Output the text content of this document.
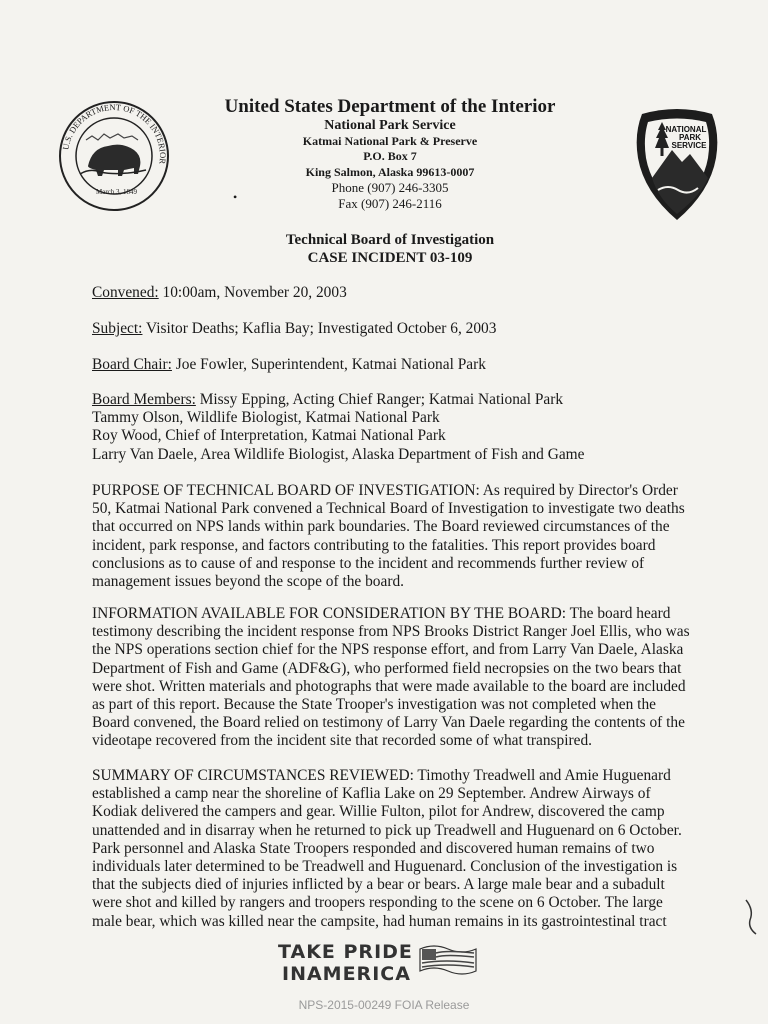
U.S. DEPARTMENT OF THE INTERIOR
March 3, 1849
United States Department of the Interior
National Park Service
Katmai National Park & Preserve
P.O. Box 7
King Salmon, Alaska 99613-0007
Phone (907) 246-3305
Fax (907) 246-2116
•
NATIONAL
PARK
SERVICE
Technical Board of Investigation
CASE INCIDENT 03-109
Convened: 10:00am, November 20, 2003
Subject: Visitor Deaths; Kaflia Bay; Investigated October 6, 2003
Board Chair: Joe Fowler, Superintendent, Katmai National Park
Board Members: Missy Epping, Acting Chief Ranger; Katmai National Park
Tammy Olson, Wildlife Biologist, Katmai National Park
Roy Wood, Chief of Interpretation, Katmai National Park
Larry Van Daele, Area Wildlife Biologist, Alaska Department of Fish and Game
PURPOSE OF TECHNICAL BOARD OF INVESTIGATION: As required by Director's Order
50, Katmai National Park convened a Technical Board of Investigation to investigate two deaths
that occurred on NPS lands within park boundaries. The Board reviewed circumstances of the
incident, park response, and factors contributing to the fatalities. This report provides board
conclusions as to cause of and response to the incident and recommends further review of
management issues beyond the scope of the board.
INFORMATION AVAILABLE FOR CONSIDERATION BY THE BOARD: The board heard
testimony describing the incident response from NPS Brooks District Ranger Joel Ellis, who was
the NPS operations section chief for the NPS response effort, and from Larry Van Daele, Alaska
Department of Fish and Game (ADF&G), who performed field necropsies on the two bears that
were shot. Written materials and photographs that were made available to the board are included
as part of this report. Because the State Trooper's investigation was not completed when the
Board convened, the Board relied on testimony of Larry Van Daele regarding the contents of the
videotape recovered from the incident site that recorded some of what transpired.
SUMMARY OF CIRCUMSTANCES REVIEWED: Timothy Treadwell and Amie Huguenard
established a camp near the shoreline of Kaflia Lake on 29 September. Andrew Airways of
Kodiak delivered the campers and gear. Willie Fulton, pilot for Andrew, discovered the camp
unattended and in disarray when he returned to pick up Treadwell and Huguenard on 6 October.
Park personnel and Alaska State Troopers responded and discovered human remains of two
individuals later determined to be Treadwell and Huguenard. Conclusion of the investigation is
that the subjects died of injuries inflicted by a bear or bears. A large male bear and a subadult
were shot and killed by rangers and troopers responding to the scene on 6 October. The large
male bear, which was killed near the campsite, had human remains in its gastrointestinal tract
TAKE PRIDE
INAMERICA
NPS-2015-00249 FOIA Release
